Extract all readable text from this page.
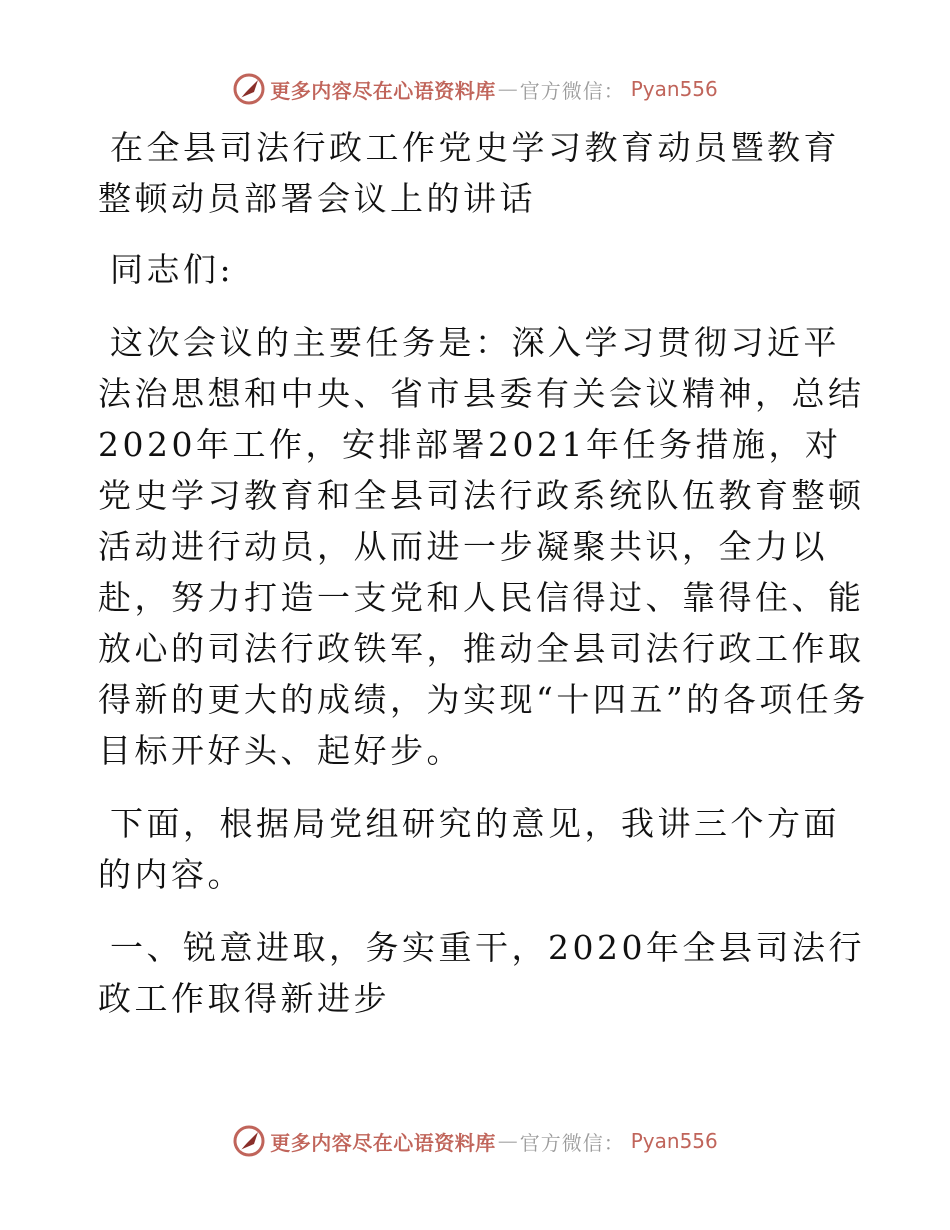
更多内容尽在心语资料库 — 官方微信： Pyan556

在全县司法行政工作党史学习教育动员暨教育整顿动员部署会议上的讲话

同志们:

这次会议的主要任务是：深入学习贯彻习近平法治思想和中央、省市县委有关会议精神，总结2020年工作，安排部署2021年任务措施，对党史学习教育和全县司法行政系统队伍教育整顿活动进行动员，从而进一步凝聚共识，全力以赴，努力打造一支党和人民信得过、靠得住、能放心的司法行政铁军，推动全县司法行政工作取得新的更大的成绩，为实现“十四五”的各项任务目标开好头、起好步。

下面，根据局党组研究的意见，我讲三个方面的内容。

一、锐意进取，务实重干，2020年全县司法行政工作取得新进步

更多内容尽在心语资料库 — 官方微信： Pyan556
